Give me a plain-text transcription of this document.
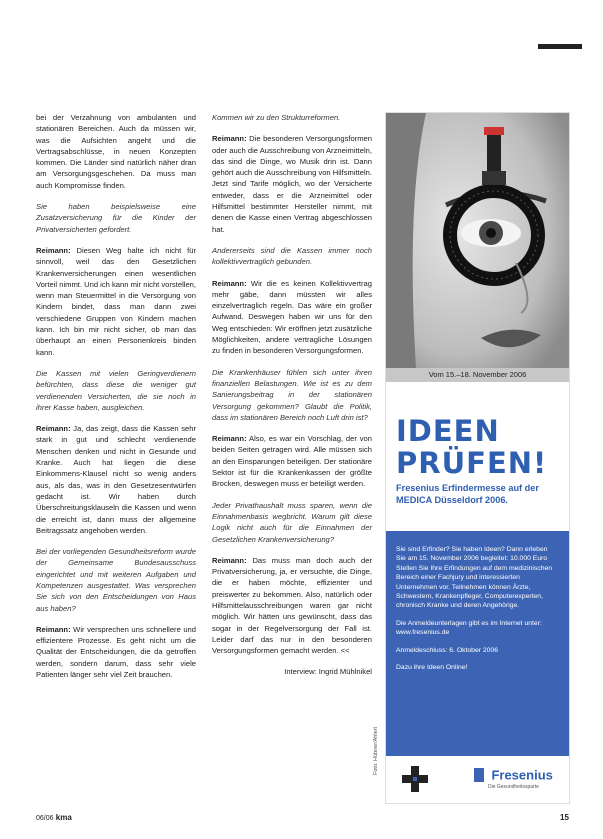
bei der Verzahnung von ambulanten und stationären Bereichen. Auch da müssen wir, was die Aufsichten angeht und die Vertragsabschlüsse, in neuen Konzepten kommen. Die Länder sind natürlich näher dran am Versorgungsgeschehen. Da muss man auch Kompromisse finden.

Sie haben beispielsweise eine Zusatzversicherung für die Kinder der Privatversicherten gefordert.

Reimann: Diesen Weg halte ich nicht für sinnvoll, weil das den Gesetzlichen Krankenversicherungen einen wesentlichen Vorteil nimmt. Und ich kann mir nicht vorstellen, wenn man Steuermittel in die Versorgung von Kindern bindet, dass man dann zwei verschiedene Gruppen von Kindern machen kann. Ich bin mir nicht sicher, ob man das überhaupt an einen Personenkreis binden kann.

Die Kassen mit vielen Geringverdienern befürchten, dass diese die weniger gut verdienenden Versicherten, die sie noch in ihrer Kasse haben, ausgleichen.

Reimann: Ja, das zeigt, dass die Kassen sehr stark in gut und schlecht verdienende Menschen denken und nicht in Gesunde und Kranke. Auch hat liegen die diese Einkommens-Klausel nicht so wenig anders aus, als das, was in den Gesetzesentwürfen gedacht ist. Wir haben durch Überschreitungsklauseln die Kassen und wenn die erreicht ist, dann muss der allgemeine Beitragssatz angehoben werden.

Bei der vorliegenden Gesundheitsreform wurde der Gemeinsame Bundesausschuss eingerichtet und mit weiteren Aufgaben und Kompetenzen ausgestattet. Was versprechen Sie sich von den Entscheidungen von Haus aus haben?

Reimann: Wir versprechen uns schnellere und effizientere Prozesse. Es geht nicht um die Qualität der Entscheidungen, die da getroffen werden, sondern darum, dass sehr viele Patienten länger sehr viel Zeit brauchen.

Kommen wir zu den Strukturreformen.

Reimann: Die besonderen Versorgungsformen oder auch die Ausschreibung von Arzneimitteln, das sind die Dinge, wo Musik drin ist. Dann gehört auch die Ausschreibung von Hilfsmitteln. Jetzt sind Tarife möglich, wo der Versicherte entweder, dass er die Arzneimittel oder Hilfsmittel bestimmter Hersteller nimmt, mit denen die Kasse einen Vertrag abgeschlossen hat.

Andererseits sind die Kassen immer noch kollektivvertraglich gebunden.

Reimann: Wir die es keinen Kollektivvertrag mehr gäbe, dann müssten wir alles einzelvertraglich regeln. Das wäre ein großer Aufwand. Deswegen haben wir uns für den Weg entschieden: Wir eröffnen jetzt zusätzliche Möglichkeiten, andere vertragliche Lösungen zu finden in besonderen Versorgungsformen.

Die Krankenhäuser fühlen sich unter ihren finanziellen Belastungen. Wie ist es zu dem Sanierungsbeitrag in der stationären Versorgung gekommen? Glaubt die Politik, dass im stationären Bereich noch Luft drin ist?

Reimann: Also, es war ein Vorschlag, der von beiden Seiten getragen wird. Alle müssen sich an den Einsparungen beteiligen. Der stationäre Sektor ist für die Krankenkassen der größte Brocken, deswegen muss er beteiligt werden.

Jeder Privathaushalt muss sparen, wenn die Einnahmenbasis wegbricht. Warum gilt diese Logik nicht auch für die Einnahmen der Gesetzlichen Krankenversicherung?

Reimann: Das muss man doch auch der Privatversicherung, ja, er versuchte, die Dinge, die er haben möchte, effizienter und preiswerter zu bekommen. Also, natürlich oder Hilfsmittelausschreibungen waren gar nicht möglich. Wir hätten uns gewünscht, dass das sogar in der Regelversorgung der Fall ist. Leider darf das nur in den besonderen Versorgungsformen gemacht werden. <<

Interview: Ingrid Mühlnikel

Foto: Hübner/Ahlert
Vom 15.–18. November 2006
IDEEN
PRÜFEN!
Fresenius Erfindermesse auf der MEDICA Düsseldorf 2006.

Sie sind Erfinder? Sie haben Ideen? Dann erleben Sie am 15. November 2006 begleitet: 10.000 Euro Stellen Sie Ihre Erfindungen auf dem medizinischen Bereich einer Fachjury und interessierten Unternehmen vor. Teilnehmen können Ärzte, Schwestern, Krankenpfleger, Computerexperten, chronisch Kranke und deren Angehörige.

Die Anmeldeunterlagen gibt es im Internet unter: www.fresenius.de

Anmeldeschluss: 6. Oktober 2006

Dazu ihre Ideen Online!

Fresenius
Die Gesundheitssparte
06/06 kma	15
